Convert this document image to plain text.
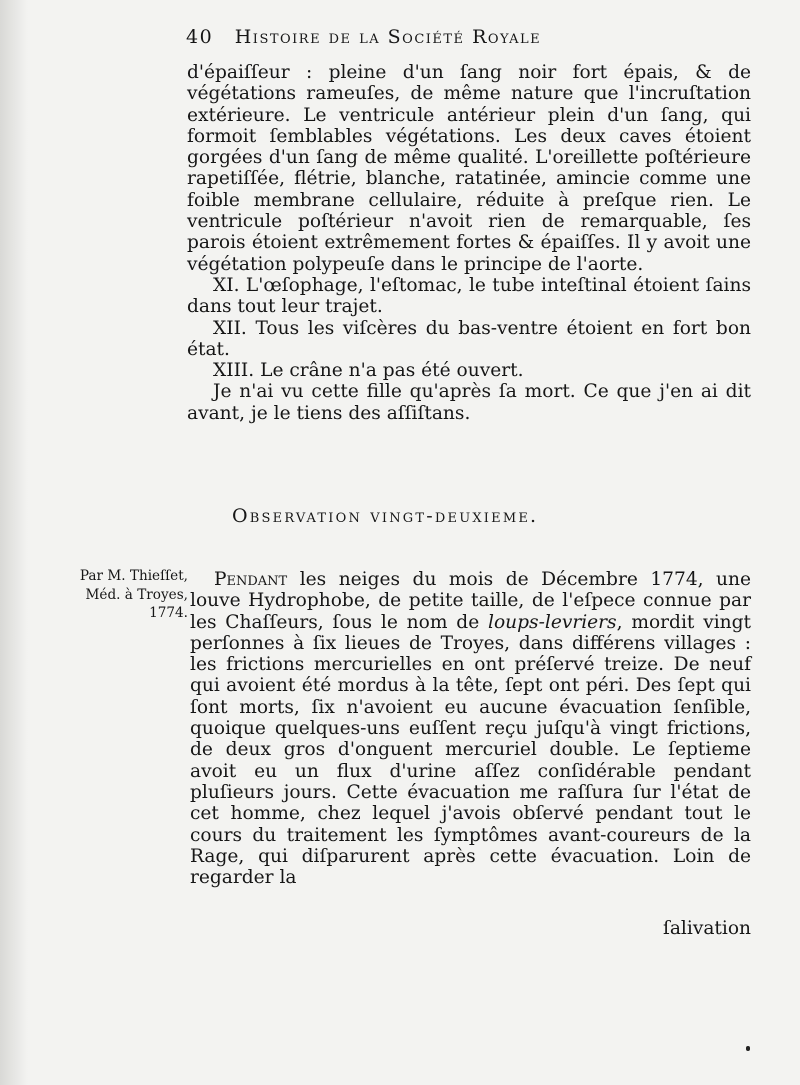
40 Histoire de la Société Royale

d'épaiſſeur : pleine d'un ſang noir fort épais, & de végétations rameuſes, de même nature que l'incruſtation extérieure. Le ventricule antérieur plein d'un ſang, qui formoit ſemblables végétations. Les deux caves étoient gorgées d'un ſang de même qualité. L'oreillette poſtérieure rapetiſſée, flétrie, blanche, ratatinée, amincie comme une foible membrane cellulaire, réduite à preſque rien. Le ventricule poſtérieur n'avoit rien de remarquable, ſes parois étoient extrêmement fortes & épaiſſes. Il y avoit une végétation polypeuſe dans le principe de l'aorte.

XI. L'œſophage, l'eſtomac, le tube inteſtinal étoient ſains dans tout leur trajet.

XII. Tous les viſcères du bas-ventre étoient en fort bon état.

XIII. Le crâne n'a pas été ouvert.

Je n'ai vu cette fille qu'après ſa mort. Ce que j'en ai dit avant, je le tiens des aſſiſtans.

Observation vingt-deuxieme.
Par M. Thieſſet, Méd. à Troyes, 1774.

Pendant les neiges du mois de Décembre 1774, une louve Hydrophobe, de petite taille, de l'eſpece connue par les Chaſſeurs, ſous le nom de loups-levriers, mordit vingt perſonnes à ſix lieues de Troyes, dans différens villages : les frictions mercurielles en ont préſervé treize. De neuf qui avoient été mordus à la tête, ſept ont péri. Des ſept qui ſont morts, ſix n'avoient eu aucune évacuation ſenſible, quoique quelques-uns euſſent reçu juſqu'à vingt frictions, de deux gros d'onguent mercuriel double. Le ſeptieme avoit eu un flux d'urine aſſez conſidérable pendant pluſieurs jours. Cette évacuation me raſſura ſur l'état de cet homme, chez lequel j'avois obſervé pendant tout le cours du traitement les ſymptômes avant-coureurs de la Rage, qui diſparurent après cette évacuation. Loin de regarder la

ſalivation
